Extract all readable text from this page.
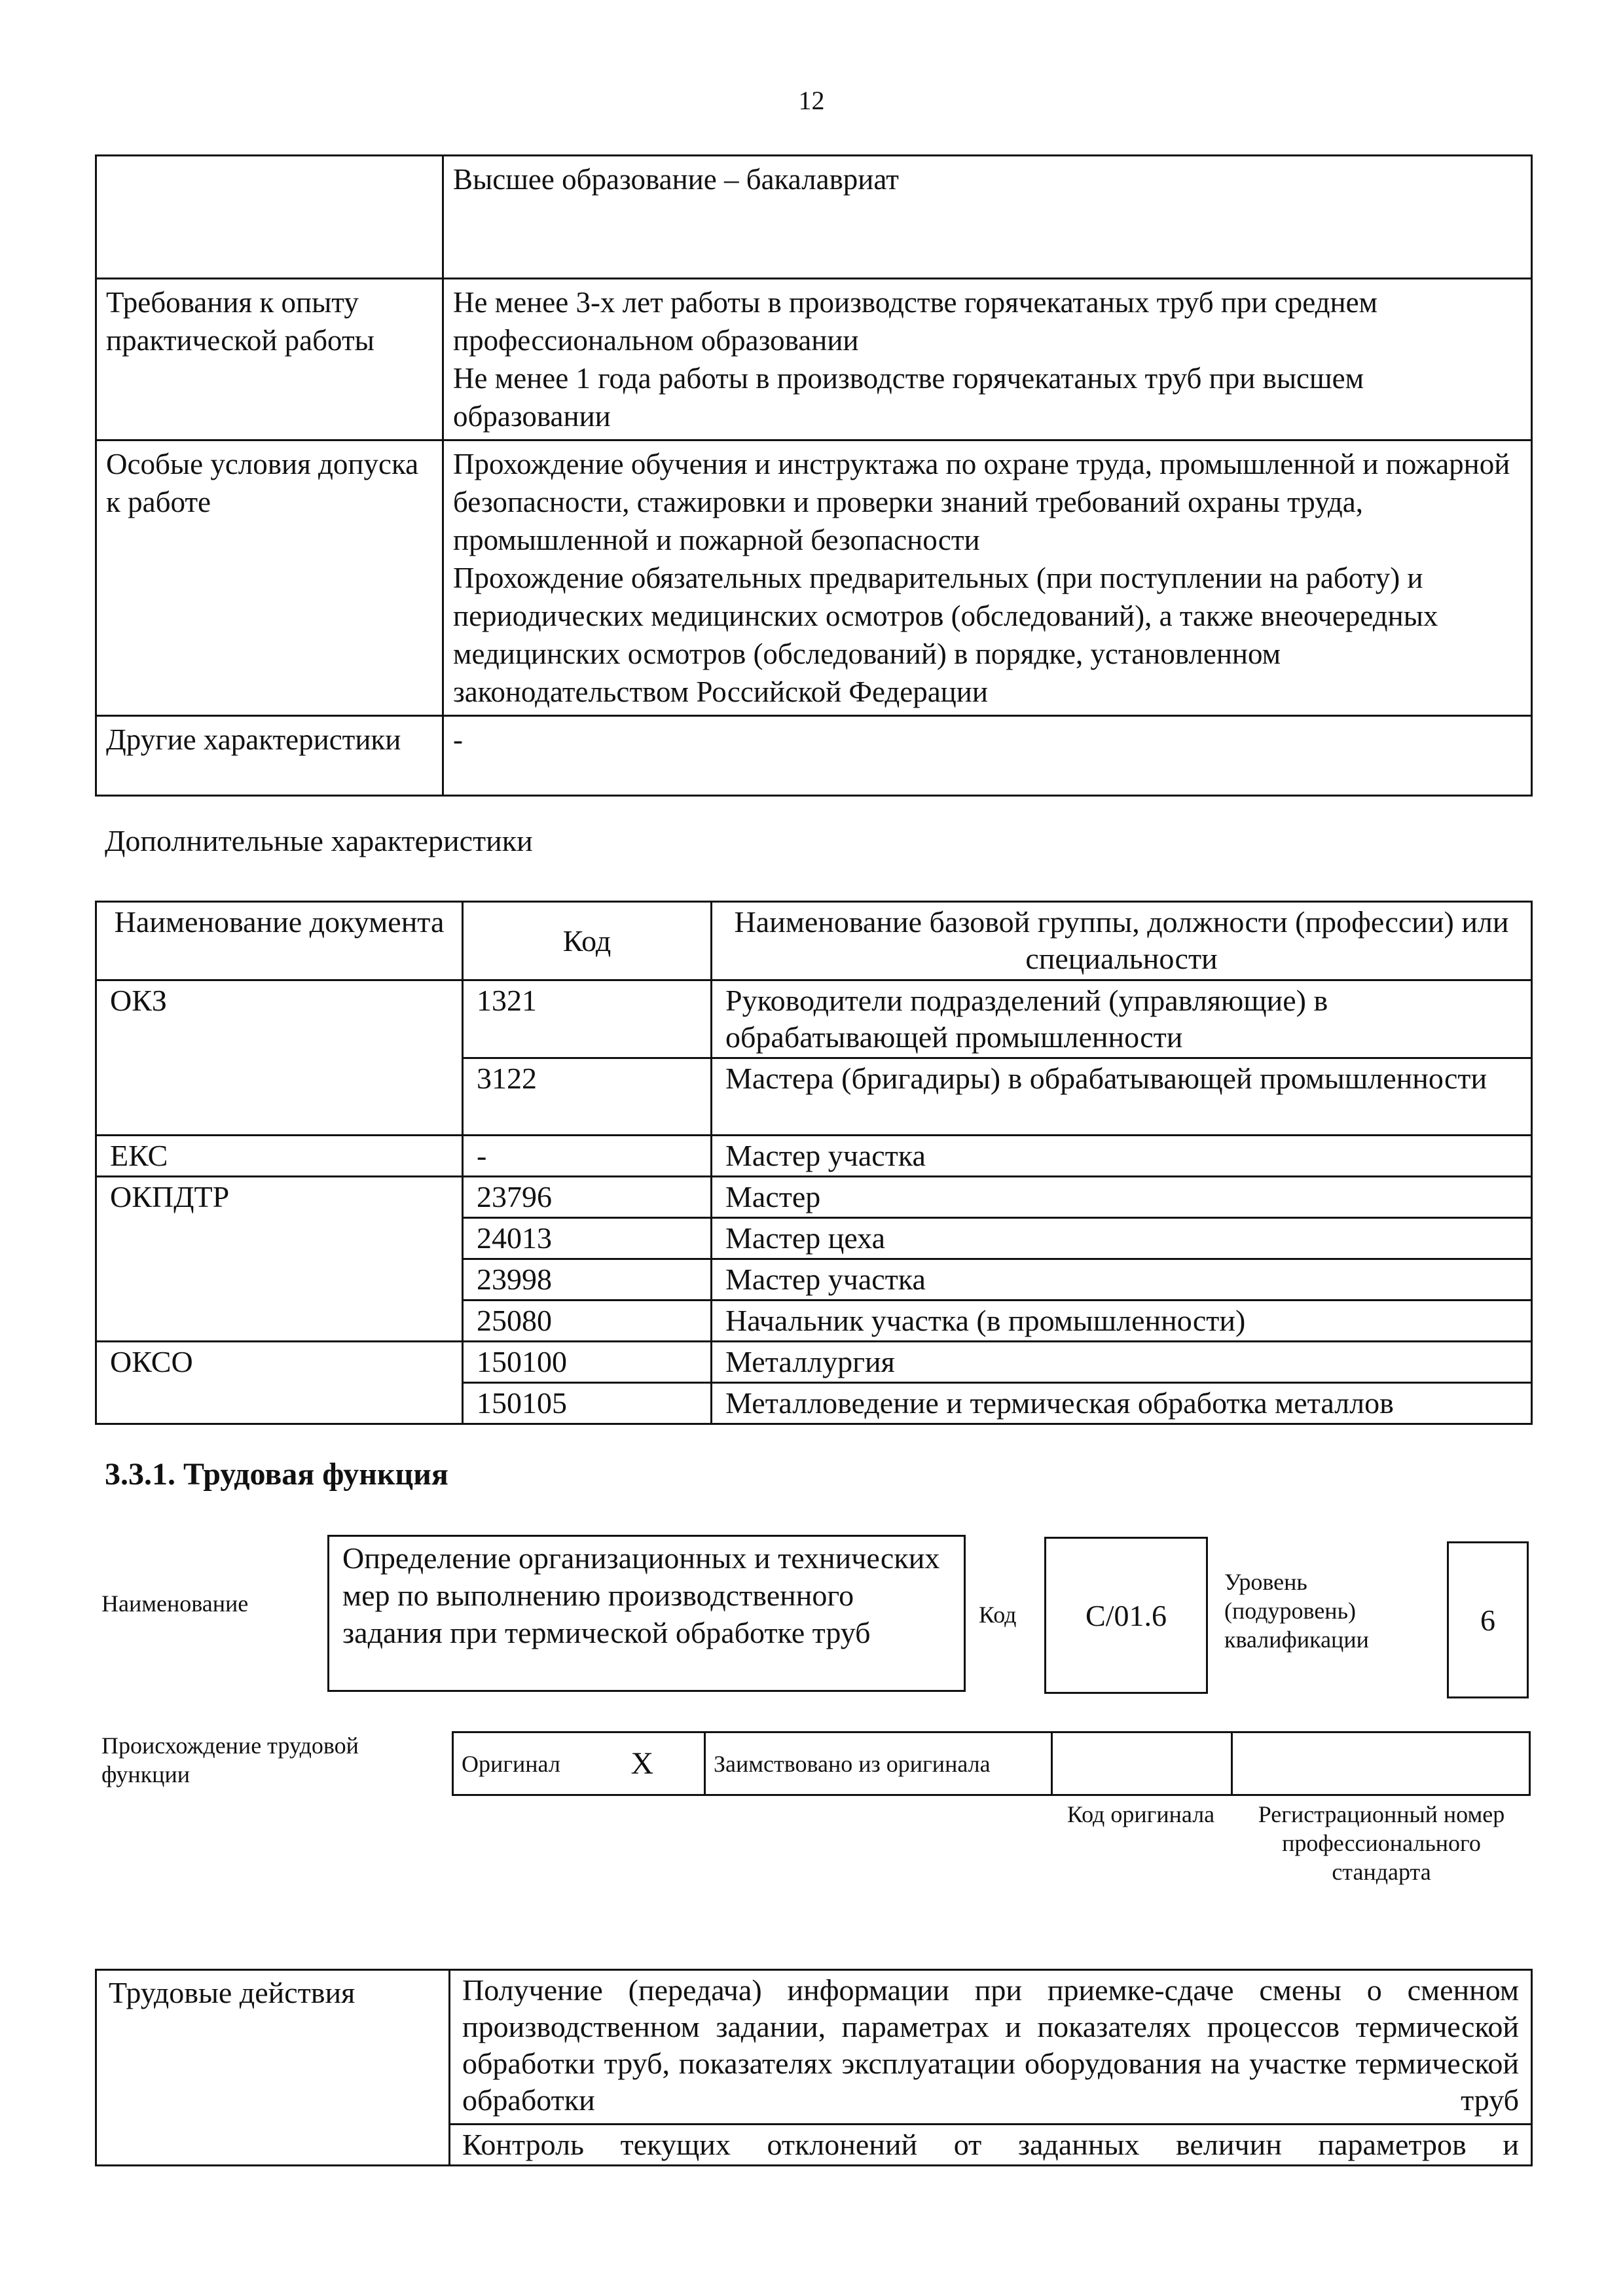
12

	Высшее образование – бакалавриат

Требования к опыту практической работы	Не менее 3-х лет работы в производстве горячекатаных труб при среднем профессиональном образовании
Не менее 1 года работы в производстве горячекатаных труб при высшем образовании

Особые условия допуска к работе	Прохождение обучения и инструктажа по охране труда, промышленной и пожарной безопасности, стажировки и проверки знаний требований охраны труда, промышленной и пожарной безопасности
Прохождение обязательных предварительных (при поступлении на работу) и периодических медицинских осмотров (обследований), а также внеочередных медицинских осмотров (обследований) в порядке, установленном законодательством Российской Федерации

Другие характеристики	-
Дополнительные характеристики
Наименование документа	Код	Наименование базовой группы, должности (профессии) или специальности
ОКЗ	1321	Руководители подразделений (управляющие) в обрабатывающей промышленности
	3122	Мастера (бригадиры) в обрабатывающей промышленности
ЕКС	-	Мастер участка
ОКПДТР	23796	Мастер
	24013	Мастер цеха
	23998	Мастер участка
	25080	Начальник участка (в промышленности)
ОКСО	150100	Металлургия
	150105	Металловедение и термическая обработка металлов
3.3.1. Трудовая функция
Наименование
Определение организационных и технических мер по выполнению производственного задания при термической обработке труб
Код	C/01.6
Уровень (подуровень) квалификации
6
Происхождение трудовой функции	Оригинал	X	Заимствовано из оригинала		
Код оригинала	Регистрационный номер профессионального стандарта
Трудовые действия	Получение (передача) информации при приемке-сдаче смены о сменном производственном задании, параметрах и показателях процессов термической обработки труб, показателях эксплуатации оборудования на участке термической обработки труб
Контроль текущих отклонений от заданных величин параметров и
